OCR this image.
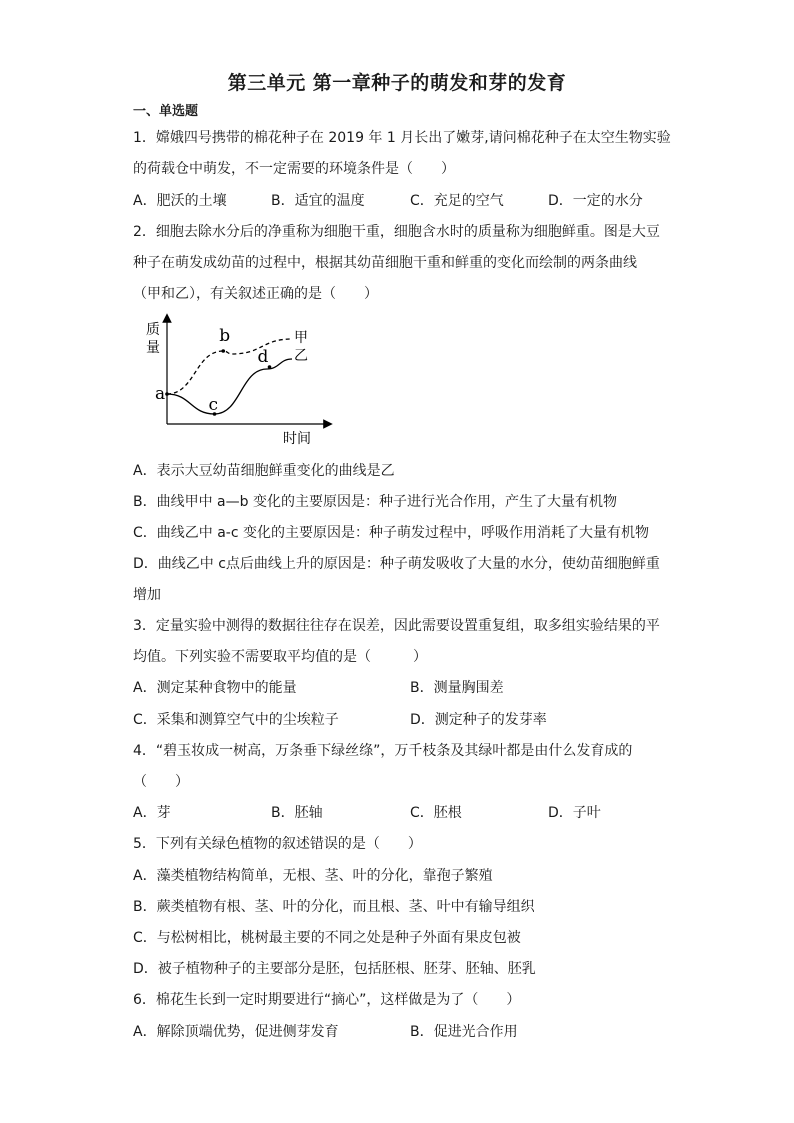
第三单元 第一章种子的萌发和芽的发育
一、单选题
1．嫦娥四号携带的棉花种子在 2019 年 1 月长出了嫩芽,请问棉花种子在太空生物实验
的荷载仓中萌发，不一定需要的环境条件是（　　）
A．肥沃的土壤	B．适宜的温度	C．充足的空气	D．一定的水分
2．细胞去除水分后的净重称为细胞干重，细胞含水时的质量称为细胞鲜重。图是大豆
种子在萌发成幼苗的过程中，根据其幼苗细胞干重和鲜重的变化而绘制的两条曲线
（甲和乙），有关叙述正确的是（　　）
质
量
时间
甲
乙
a
b
c
d
A．表示大豆幼苗细胞鲜重变化的曲线是乙
B．曲线甲中 a—b 变化的主要原因是：种子进行光合作用，产生了大量有机物
C．曲线乙中 a-c 变化的主要原因是：种子萌发过程中，呼吸作用消耗了大量有机物
D．曲线乙中 c点后曲线上升的原因是：种子萌发吸收了大量的水分，使幼苗细胞鲜重
增加
3．定量实验中测得的数据往往存在误差，因此需要设置重复组，取多组实验结果的平
均值。下列实验不需要取平均值的是（　　　）
A．测定某种食物中的能量	B．测量胸围差
C．采集和测算空气中的尘埃粒子	D．测定种子的发芽率
4．“碧玉妆成一树高，万条垂下绿丝绦”，万千枝条及其绿叶都是由什么发育成的
（　　）
A．芽	B．胚轴	C．胚根	D．子叶
5．下列有关绿色植物的叙述错误的是（　　）
A．藻类植物结构简单，无根、茎、叶的分化，靠孢子繁殖
B．蕨类植物有根、茎、叶的分化，而且根、茎、叶中有输导组织
C．与松树相比，桃树最主要的不同之处是种子外面有果皮包被
D．被子植物种子的主要部分是胚，包括胚根、胚芽、胚轴、胚乳
6．棉花生长到一定时期要进行“摘心”，这样做是为了（　　）
A．解除顶端优势，促进侧芽发育	B．促进光合作用
